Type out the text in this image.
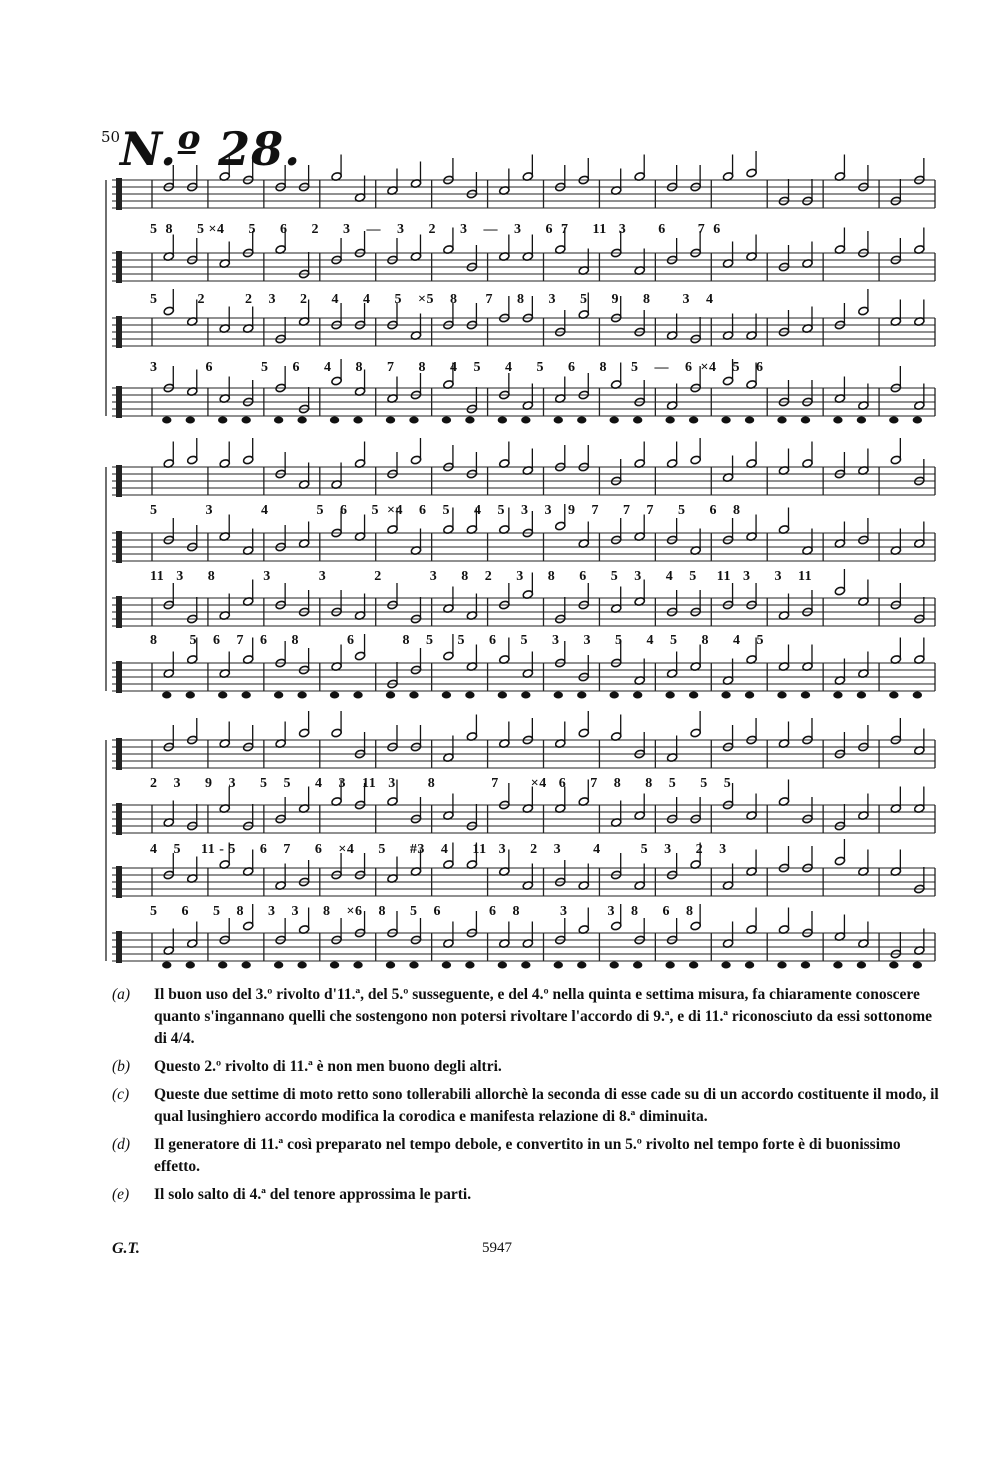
50 N.º 28.
5  8      5 ×4      5      6      2      3    —    3      2      3    —    3      6  7      11   3        6        7  6
5          2          2    3      2      4      4      5    ×5    8       7      8      3      5      9      8        3    4
3            6            5      6      4      8      7      8      4    5      4      5      6      8      5    —    6  ×4    5    6
5            3            4            5    6      5  ×4    6    5      4    5    3    3    9    7      7    7      5      6    8
11   3      8            3            3            2            3      8    2      3      8      6      5    3      4    5     11   3      3    11
8        5    6    7    6      8            6            8    5      5      6      5      3      3      5      4    5      8      4    5
2    3      9    3      5    5      4    3    11   3        8              7        ×4   6      7    8      8    5      5    5
4    5     11 - 5      6    7      6    ×4      5      #3    4      11   3      2    3        4          5    3      2    3
5      6      5    8      3    3      8    ×6    8      5    6            6    8          3          3    8      6    8
(a)	Il buon uso del 3.º rivolto d'11.ª, del 5.º susseguente, e del 4.º nella quinta e settima misura, fa chiaramente conoscere quanto s'ingannano quelli che sostengono non potersi rivoltare l'accordo di 9.ª, e di 11.ª riconosciuto da essi sottonome di 4/4.
(b)	Questo 2.º rivolto di 11.ª è non men buono degli altri.
(c)	Queste due settime di moto retto sono tollerabili allorchè la seconda di esse cade su di un accordo costituente il modo, il qual lusinghiero accordo modifica la corodica e manifesta relazione di 8.ª diminuita.
(d)	Il generatore di 11.ª così preparato nel tempo debole, e convertito in un 5.º rivolto nel tempo forte è di buonissimo effetto.
(e)	Il solo salto di 4.ª del tenore approssima le parti.
G.T.	5947
